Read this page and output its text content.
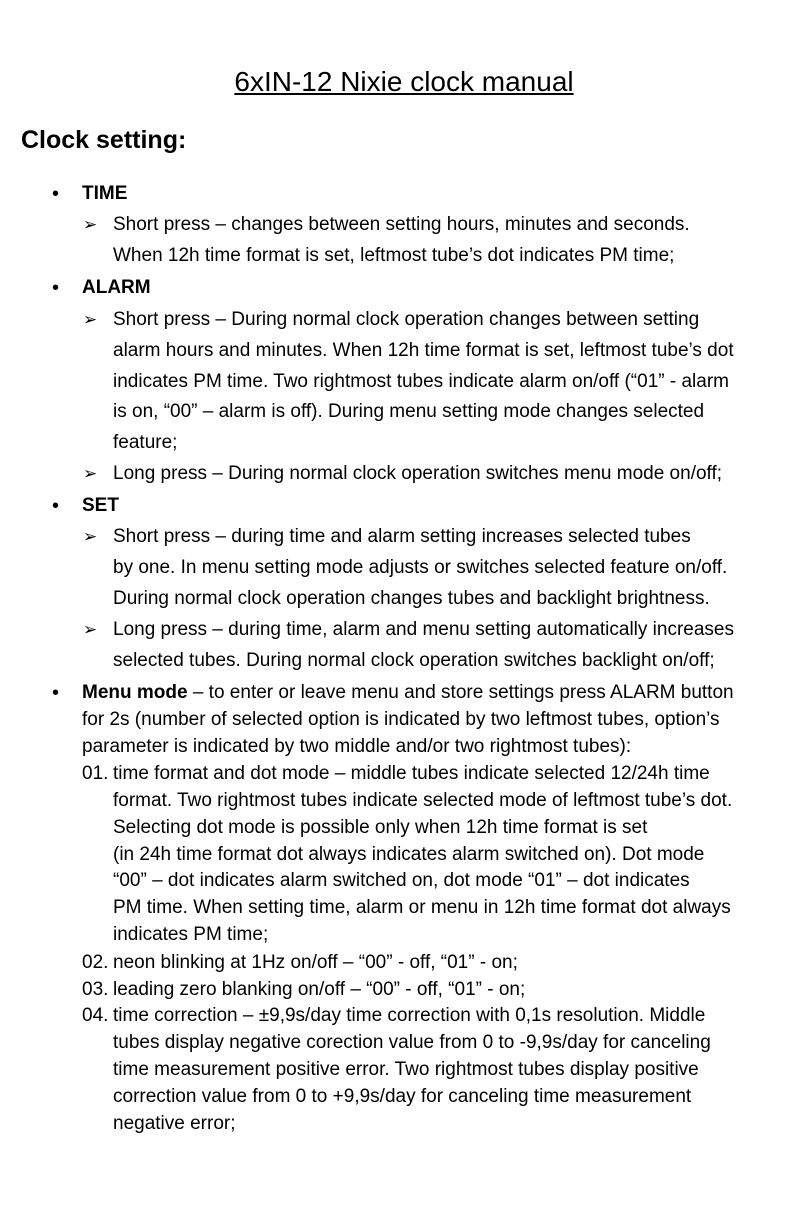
6xIN-12 Nixie clock manual
Clock setting:
• TIME
➢ Short press – changes between setting hours, minutes and seconds.
When 12h time format is set, leftmost tube’s dot indicates PM time;
• ALARM
➢ Short press – During normal clock operation changes between setting
alarm hours and minutes. When 12h time format is set, leftmost tube’s dot
indicates PM time. Two rightmost tubes indicate alarm on/off (“01” - alarm
is on, “00” – alarm is off). During menu setting mode changes selected
feature;
➢ Long press – During normal clock operation switches menu mode on/off;
• SET
➢ Short press – during time and alarm setting increases selected tubes
by one. In menu setting mode adjusts or switches selected feature on/off.
During normal clock operation changes tubes and backlight brightness.
➢ Long press – during time, alarm and menu setting automatically increases
selected tubes. During normal clock operation switches backlight on/off;
• Menu mode – to enter or leave menu and store settings press ALARM button
for 2s (number of selected option is indicated by two leftmost tubes, option’s
parameter is indicated by two middle and/or two rightmost tubes):
01. time format and dot mode – middle tubes indicate selected 12/24h time
format. Two rightmost tubes indicate selected mode of leftmost tube’s dot.
Selecting dot mode is possible only when 12h time format is set
(in 24h time format dot always indicates alarm switched on). Dot mode
“00” – dot indicates alarm switched on, dot mode “01” – dot indicates
PM time. When setting time, alarm or menu in 12h time format dot always
indicates PM time;
02. neon blinking at 1Hz on/off – “00” - off, “01” - on;
03. leading zero blanking on/off – “00” - off, “01” - on;
04. time correction – ±9,9s/day time correction with 0,1s resolution. Middle
tubes display negative corection value from 0 to -9,9s/day for canceling
time measurement positive error. Two rightmost tubes display positive
correction value from 0 to +9,9s/day for canceling time measurement
negative error;
